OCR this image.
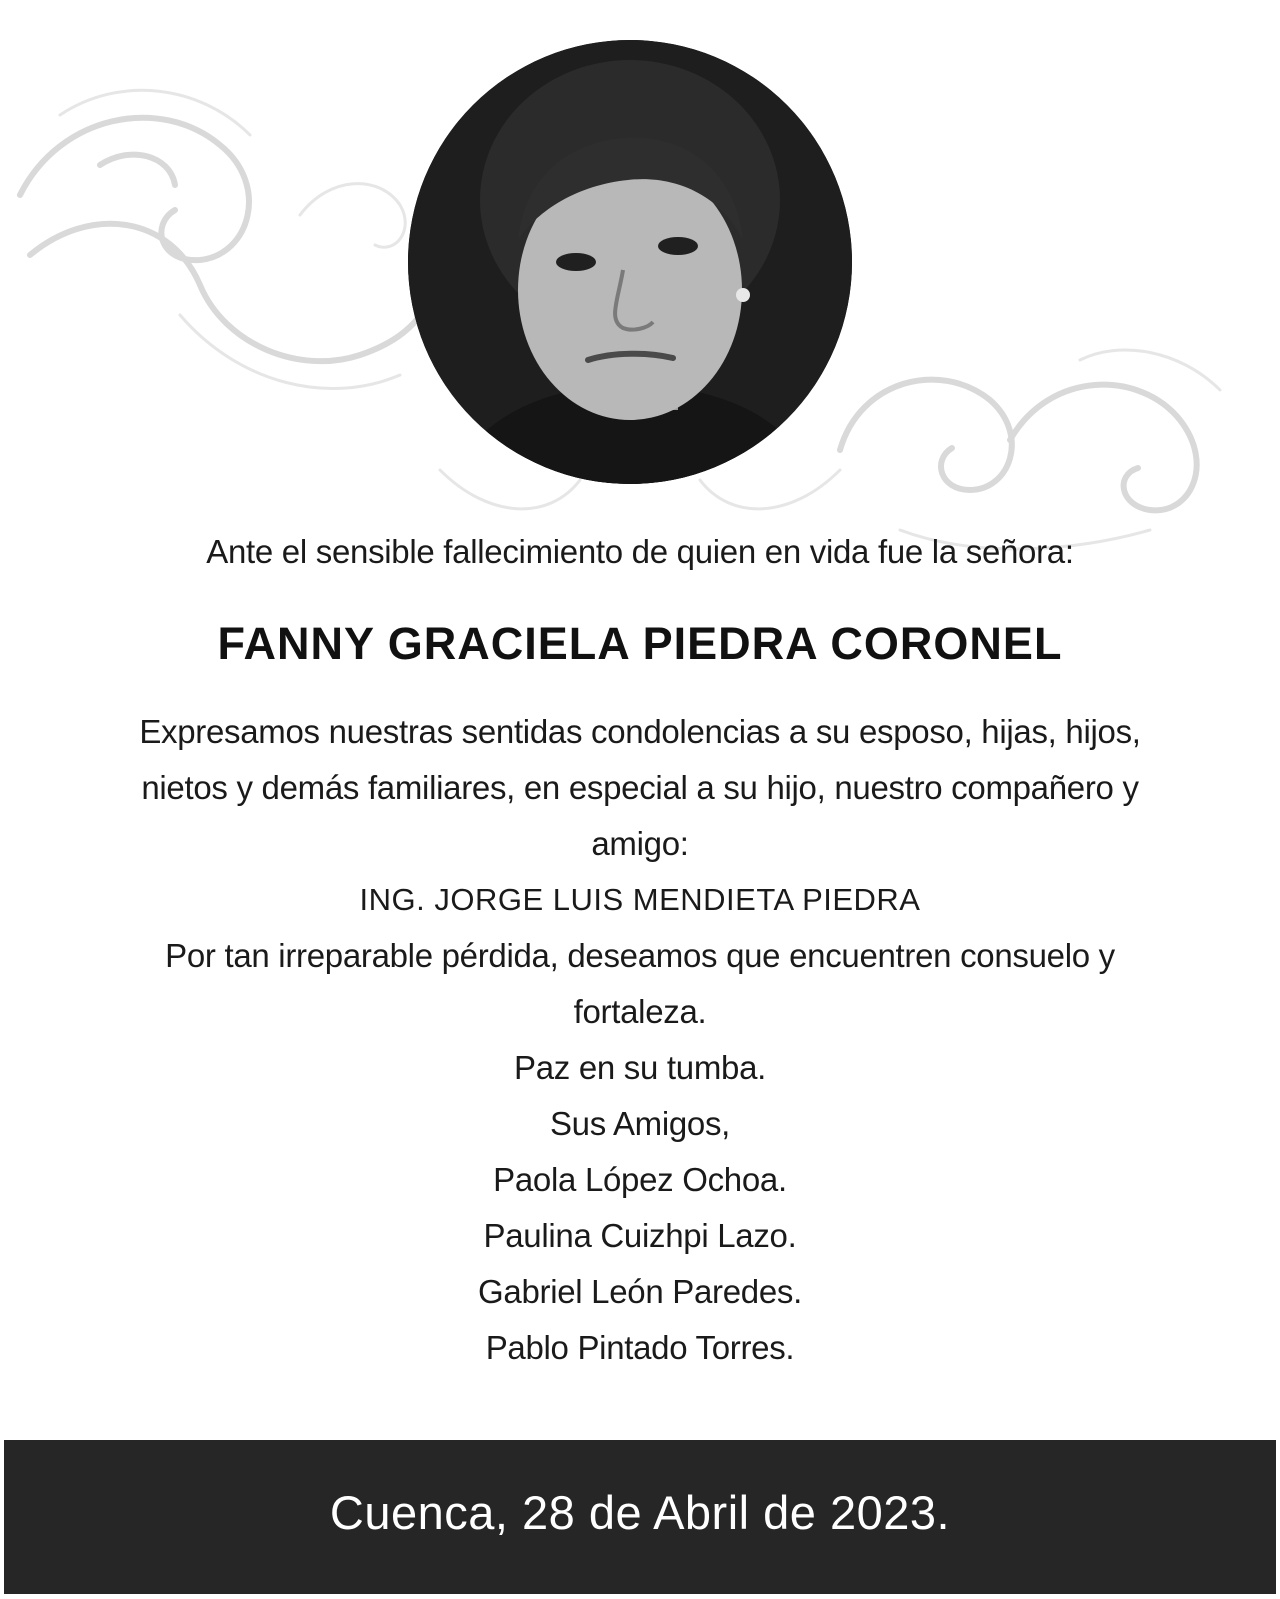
Ante el sensible fallecimiento de quien en vida fue la señora:
FANNY GRACIELA PIEDRA CORONEL
Expresamos nuestras sentidas condolencias a su esposo, hijas, hijos,
nietos y demás familiares, en especial a su hijo, nuestro compañero y
amigo:
ING. JORGE LUIS MENDIETA PIEDRA
Por tan irreparable pérdida, deseamos que encuentren consuelo y
fortaleza.
Paz en su tumba.
Sus Amigos,
Paola López Ochoa.
Paulina Cuizhpi Lazo.
Gabriel León Paredes.
Pablo Pintado Torres.
Cuenca, 28 de Abril de 2023.
